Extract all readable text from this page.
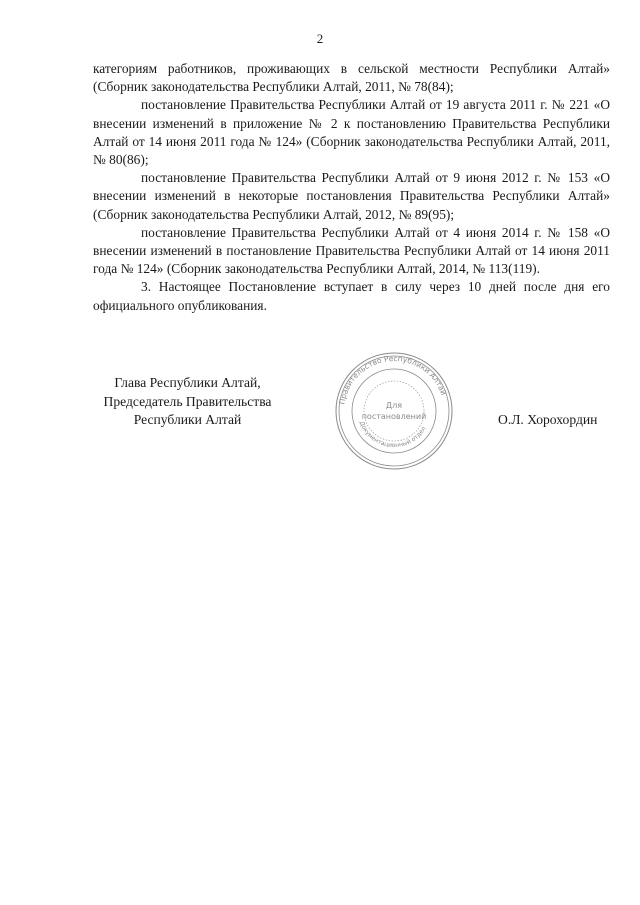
2

категориям работников, проживающих в сельской местности Республики Алтай» (Сборник законодательства Республики Алтай, 2011, № 78(84);

постановление Правительства Республики Алтай от 19 августа 2011 г. № 221 «О внесении изменений в приложение № 2 к постановлению Правительства Республики Алтай от 14 июня 2011 года № 124» (Сборник законодательства Республики Алтай, 2011, № 80(86);

постановление Правительства Республики Алтай от 9 июня 2012 г. № 153 «О внесении изменений в некоторые постановления Правительства Республики Алтай» (Сборник законодательства Республики Алтай, 2012, № 89(95);

постановление Правительства Республики Алтай от 4 июня 2014 г. № 158 «О внесении изменений в постановление Правительства Республики Алтай от 14 июня 2011 года № 124» (Сборник законодательства Республики Алтай, 2014, № 113(119).

3. Настоящее Постановление вступает в силу через 10 дней после дня его официального опубликования.

Глава Республики Алтай,
Председатель Правительства
Республики Алтай
Правительство Республики Алтай
Документационный отдел
Для
постановлений	О.Л. Хорохордин
